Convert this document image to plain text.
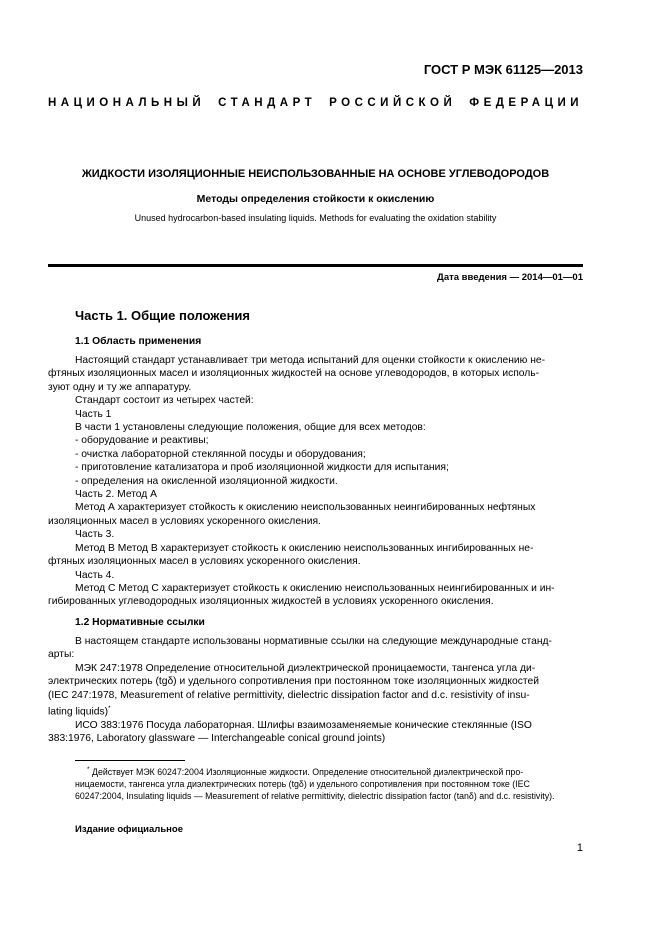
ГОСТ Р МЭК 61125—2013
НАЦИОНАЛЬНЫЙ СТАНДАРТ РОССИЙСКОЙ ФЕДЕРАЦИИ
ЖИДКОСТИ ИЗОЛЯЦИОННЫЕ НЕИСПОЛЬЗОВАННЫЕ НА ОСНОВЕ УГЛЕВОДОРОДОВ
Методы определения стойкости к окислению
Unused hydrocarbon-based insulating liquids. Methods for evaluating the oxidation stability
Дата введения — 2014—01—01
Часть 1. Общие положения
1.1 Область применения
Настоящий стандарт устанавливает три метода испытаний для оценки стойкости к окислению не-
фтяных изоляционных масел и изоляционных жидкостей на основе углеводородов, в которых исполь-
зуют одну и ту же аппаратуру.
Стандарт состоит из четырех частей:
Часть 1
В части 1 установлены следующие положения, общие для всех методов:
- оборудование и реактивы;
- очистка лабораторной стеклянной посуды и оборудования;
- приготовление катализатора и проб изоляционной жидкости для испытания;
- определения на окисленной изоляционной жидкости.
Часть 2. Метод А
Метод А характеризует стойкость к окислению неиспользованных неингибированных нефтяных
изоляционных масел в условиях ускоренного окисления.
Часть 3.
Метод В Метод В характеризует стойкость к окислению неиспользованных ингибированных не-
фтяных изоляционных масел в условиях ускоренного окисления.
Часть 4.
Метод С Метод С характеризует стойкость к окислению неиспользованных неингибированных и ин-
гибированных углеводородных изоляционных жидкостей в условиях ускоренного окисления.
1.2 Нормативные ссылки
В настоящем стандарте использованы нормативные ссылки на следующие международные станд-
арты:
МЭК 247:1978 Определение относительной диэлектрической проницаемости, тангенса угла ди-
электрических потерь (tgδ) и удельного сопротивления при постоянном токе изоляционных жидкостей
(IEC 247:1978, Measurement of relative permittivity, dielectric dissipation factor and d.c. resistivity of insu-
lating liquids)*
ИСО 383:1976 Посуда лабораторная. Шлифы взаимозаменяемые конические стеклянные (ISO
383:1976, Laboratory glassware — Interchangeable conical ground joints)
* Действует МЭК 60247:2004 Изоляционные жидкости. Определение относительной диэлектрической про-
ницаемости, тангенса угла диэлектрических потерь (tgδ) и удельного сопротивления при постоянном токе (IEC
60247:2004, Insulating liquids — Measurement of relative permittivity, dielectric dissipation factor (tanδ) and d.c. resistivity).
Издание официальное
1
